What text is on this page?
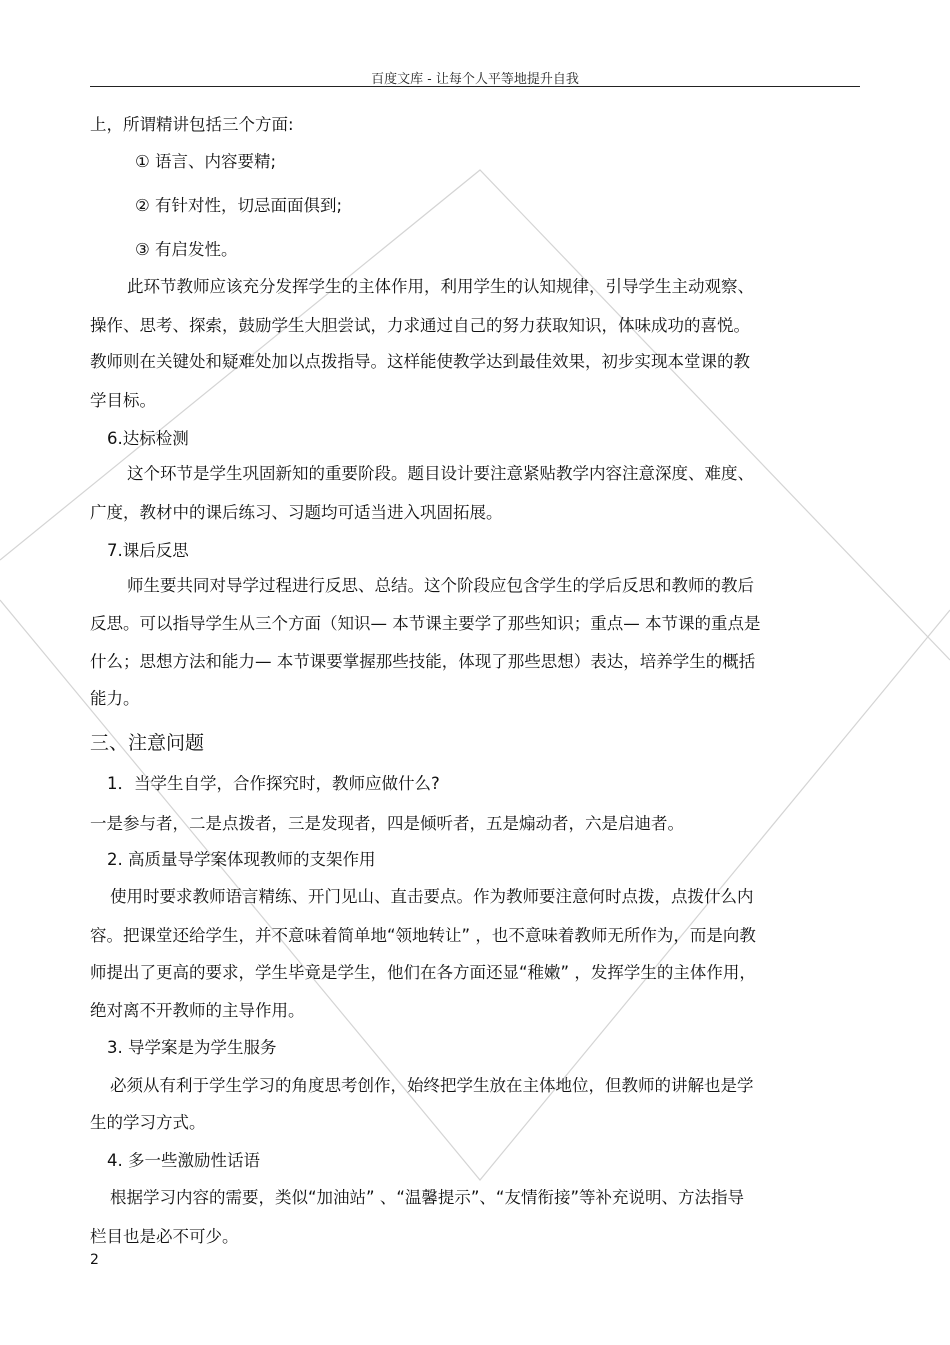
百度文库 - 让每个人平等地提升自我
上，所谓精讲包括三个方面:
① 语言、内容要精;
② 有针对性，切忌面面俱到;
③ 有启发性。
此环节教师应该充分发挥学生的主体作用，利用学生的认知规律，引导学生主动观察、
操作、思考、探索，鼓励学生大胆尝试，力求通过自己的努力获取知识，体味成功的喜悦。
教师则在关键处和疑难处加以点拨指导。这样能使教学达到最佳效果，初步实现本堂课的教
学目标。
6.达标检测
这个环节是学生巩固新知的重要阶段。题目设计要注意紧贴教学内容注意深度、难度、
广度，教材中的课后练习、习题均可适当进入巩固拓展。
7.课后反思
师生要共同对导学过程进行反思、总结。这个阶段应包含学生的学后反思和教师的教后
反思。可以指导学生从三个方面（知识— 本节课主要学了那些知识；重点— 本节课的重点是
什么；思想方法和能力— 本节课要掌握那些技能，体现了那些思想）表达，培养学生的概括
能力。
三、注意问题
1．当学生自学，合作探究时，教师应做什么?
一是参与者，二是点拨者，三是发现者，四是倾听者，五是煽动者，六是启迪者。
2. 高质量导学案体现教师的支架作用
使用时要求教师语言精练、开门见山、直击要点。作为教师要注意何时点拨，点拨什么内
容。把课堂还给学生，并不意味着简单地“领地转让” ，也不意味着教师无所作为，而是向教
师提出了更高的要求，学生毕竟是学生，他们在各方面还显“稚嫩” ，发挥学生的主体作用，
绝对离不开教师的主导作用。
3. 导学案是为学生服务
必须从有利于学生学习的角度思考创作，始终把学生放在主体地位，但教师的讲解也是学
生的学习方式。
4. 多一些激励性话语
根据学习内容的需要，类似“加油站” 、“温馨提示”、“友情衔接”等补充说明、方法指导
栏目也是必不可少。
2
